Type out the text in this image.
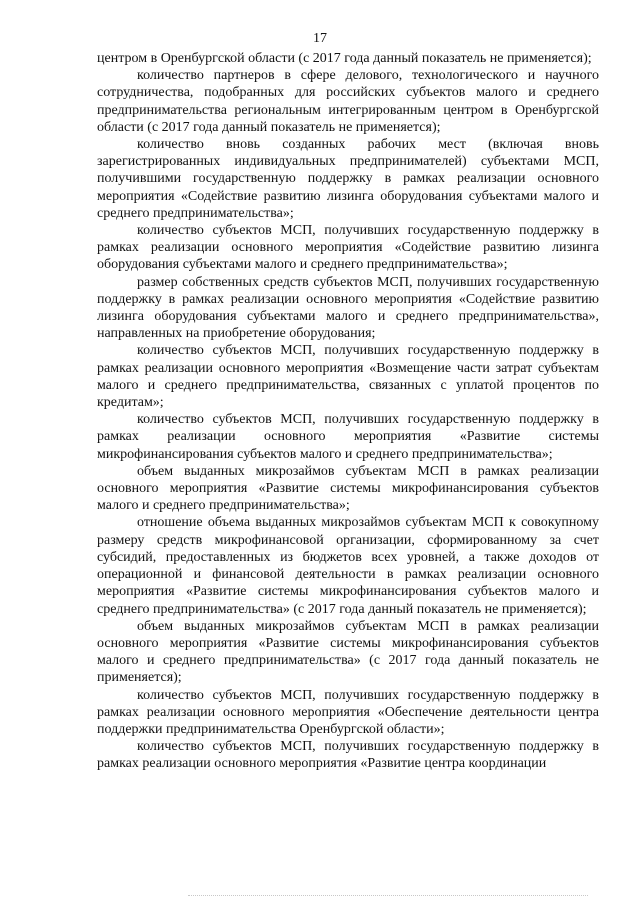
17

центром в Оренбургской области (с 2017 года данный показатель не применяется);

количество партнеров в сфере делового, технологического и научного сотрудничества, подобранных для российских субъектов малого и среднего предпринимательства региональным интегрированным центром в Оренбургской области (с 2017 года данный показатель не применяется);

количество вновь созданных рабочих мест (включая вновь зарегистрированных индивидуальных предпринимателей) субъектами МСП, получившими государственную поддержку в рамках реализации основного мероприятия «Содействие развитию лизинга оборудования субъектами малого и среднего предпринимательства»;

количество субъектов МСП, получивших государственную поддержку в рамках реализации основного мероприятия «Содействие развитию лизинга оборудования субъектами малого и среднего предпринимательства»;

размер собственных средств субъектов МСП, получивших государственную поддержку в рамках реализации основного мероприятия «Содействие развитию лизинга оборудования субъектами малого и среднего предпринимательства», направленных на приобретение оборудования;

количество субъектов МСП, получивших государственную поддержку в рамках реализации основного мероприятия «Возмещение части затрат субъектам малого и среднего предпринимательства, связанных с уплатой процентов по кредитам»;

количество субъектов МСП, получивших государственную поддержку в рамках реализации основного мероприятия «Развитие системы микрофинансирования субъектов малого и среднего предпринимательства»;

объем выданных микрозаймов субъектам МСП в рамках реализации основного мероприятия «Развитие системы микрофинансирования субъектов малого и среднего предпринимательства»;

отношение объема выданных микрозаймов субъектам МСП к совокупному размеру средств микрофинансовой организации, сформированному за счет субсидий, предоставленных из бюджетов всех уровней, а также доходов от операционной и финансовой деятельности в рамках реализации основного мероприятия «Развитие системы микрофинансирования субъектов малого и среднего предпринимательства» (с 2017 года данный показатель не применяется);

объем выданных микрозаймов субъектам МСП в рамках реализации основного мероприятия «Развитие системы микрофинансирования субъектов малого и среднего предпринимательства» (с 2017 года данный показатель не применяется);

количество субъектов МСП, получивших государственную поддержку в рамках реализации основного мероприятия «Обеспечение деятельности центра поддержки предпринимательства Оренбургской области»;

количество субъектов МСП, получивших государственную поддержку в рамках реализации основного мероприятия «Развитие центра координации
